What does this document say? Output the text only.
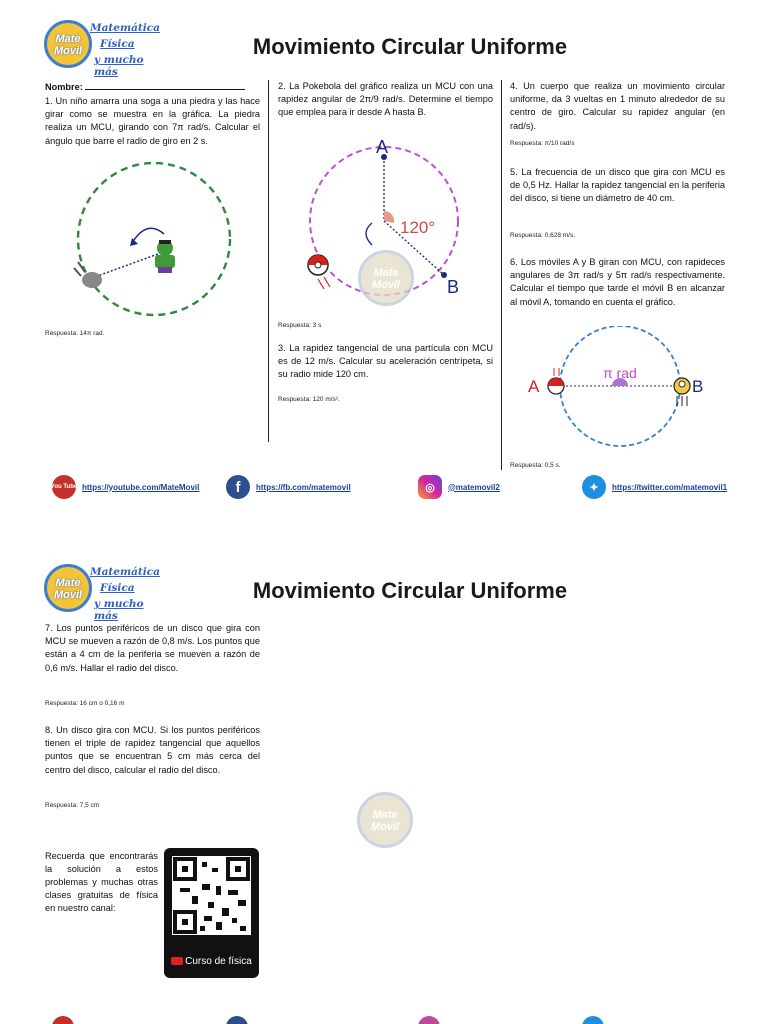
Mate
Movil
Matemática
Física
y mucho más
Movimiento Circular Uniforme
Nombre:
1. Un niño amarra una soga a una piedra y las hace girar como se muestra en la gráfica. La piedra realiza un MCU, girando con 7π rad/s. Calcular el ángulo que barre el radio de giro en 2 s.
Respuesta: 14π rad.
2. La Pokebola del gráfico realiza un MCU con una rapidez angular de 2π/9 rad/s. Determine el tiempo que emplea para ir desde A hasta B.
A
B
120°
Mate
Movil
Respuesta: 3 s
3. La rapidez tangencial de una partícula con MCU es de 12 m/s. Calcular su aceleración centrípeta, si su radio mide 120 cm.
Respuesta: 120 m/s².
4. Un cuerpo que realiza un movimiento circular uniforme, da 3 vueltas en 1 minuto alrededor de su centro de giro. Calcular su rapidez angular (en rad/s).
Respuesta: π/10 rad/s
5. La frecuencia de un disco que gira con MCU es de 0,5 Hz. Hallar la rapidez tangencial en la periferia del disco, si tiene un diámetro de 40 cm.
Respuesta: 0,628 m/s.
6. Los móviles A y B giran con MCU, con rapideces angulares de 3π rad/s y 5π rad/s respectivamente. Calcular el tiempo que tarde el móvil B en alcanzar al móvil A, tomando en cuenta el gráfico.
π rad
A	B
Respuesta: 0,5 s.
You Tube https://youtube.com/MateMovil	f	https://fb.com/matemovil	◎	@matemovil2	✦	https://twitter.com/matemovil1
Mate
Movil
Matemática
Física
y mucho más
Movimiento Circular Uniforme
7. Los puntos periféricos de un disco que gira con MCU se mueven a razón de 0,8 m/s. Los puntos que están a 4 cm de la periferia se mueven a razón de 0,6 m/s. Hallar el radio del disco.
Respuesta: 16 cm o 0,16 m
8. Un disco gira con MCU. Si los puntos periféricos tienen el triple de rapidez tangencial que aquellos puntos que se encuentran 5 cm más cerca del centro del disco, calcular el radio del disco.
Respuesta: 7,5 cm
Mate
Movil
Recuerda que encontrarás la solución a estos problemas y muchas otras clases gratuitas de física en nuestro canal:
Curso de física
